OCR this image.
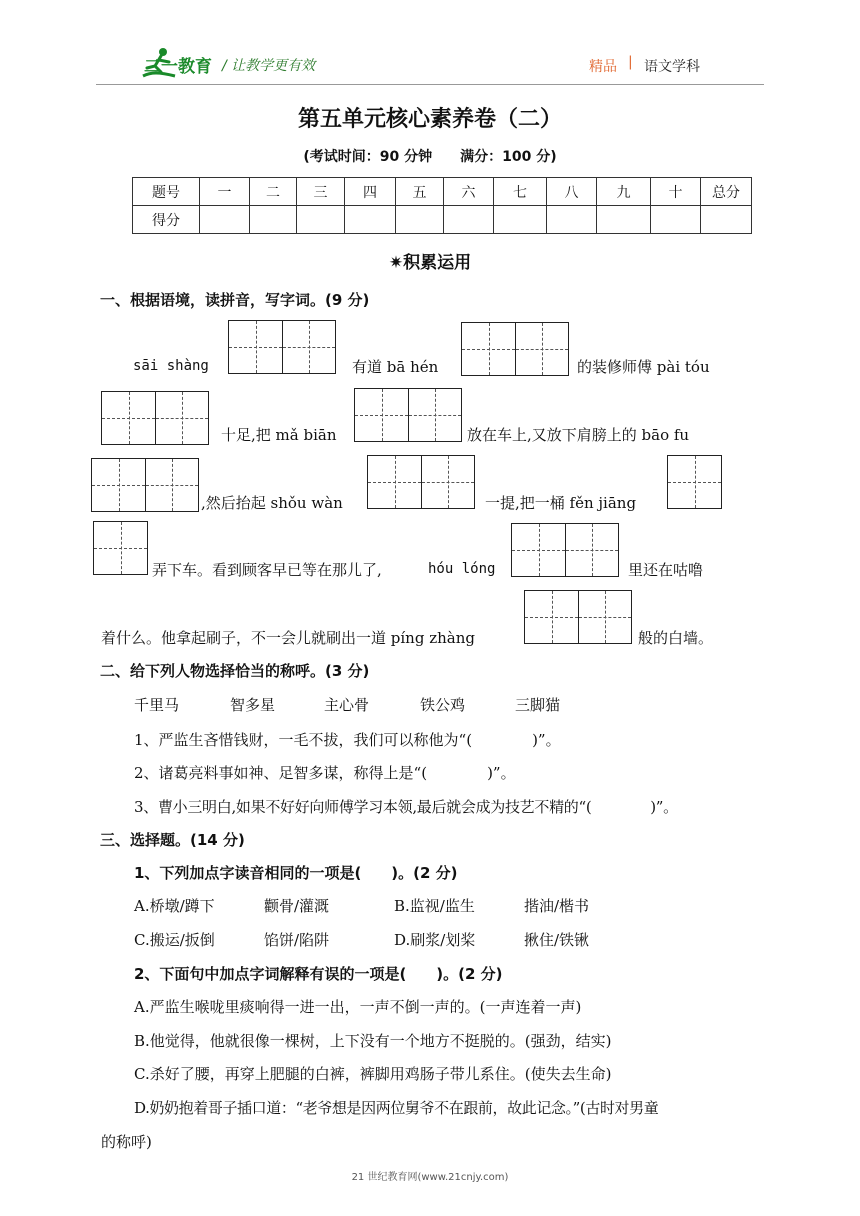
二一教育 / 让教学更有效	精品 | 语文学科
第五单元核心素养卷（二）
(考试时间：90 分钟　　满分：100 分)
题号	一	二	三	四	五	六	七	八	九	十	总分
得分											
✷积累运用
一、根据语境，读拼音，写字词。(9 分)
sāi shàng	有道 bā hén	的装修师傅 pài tóu
十足,把 mǎ biān	放在车上,又放下肩膀上的 bāo fu
,然后抬起 shǒu wàn	一提,把一桶 fěn jiāng
弄下车。看到顾客早已等在那儿了,	hóu lóng	里还在咕噜
着什么。他拿起刷子，不一会儿就刷出一道 píng zhàng	般的白墙。
二、给下列人物选择恰当的称呼。(3 分)
千里马	智多星	主心骨	铁公鸡	三脚猫
1、严监生吝惜钱财，一毛不拔，我们可以称他为“(　　　　)”。
2、诸葛亮料事如神、足智多谋，称得上是“(　　　　)”。
3、曹小三明白,如果不好好向师傅学习本领,最后就会成为技艺不精的“(　　　　)”。
三、选择题。(14 分)
1、下列加点字读音相同的一项是(　　)。(2 分)
A.桥墩/蹲下	颧骨/灌溉	B.监视/监生	揩油/楷书
C.搬运/扳倒	馅饼/陷阱	D.刷浆/划桨	揪住/铁锹
2、下面句中加点字词解释有误的一项是(　　)。(2 分)
A.严监生喉咙里痰响得一进一出，一声不倒一声的。(一声连着一声)
B.他觉得，他就很像一棵树，上下没有一个地方不挺脱的。(强劲，结实)
C.杀好了腰，再穿上肥腿的白裤，裤脚用鸡肠子带儿系住。(使失去生命)
D.奶奶抱着哥子插口道：“老爷想是因两位舅爷不在跟前，故此记念。”(古时对男童
的称呼)
21 世纪教育网(www.21cnjy.com)
